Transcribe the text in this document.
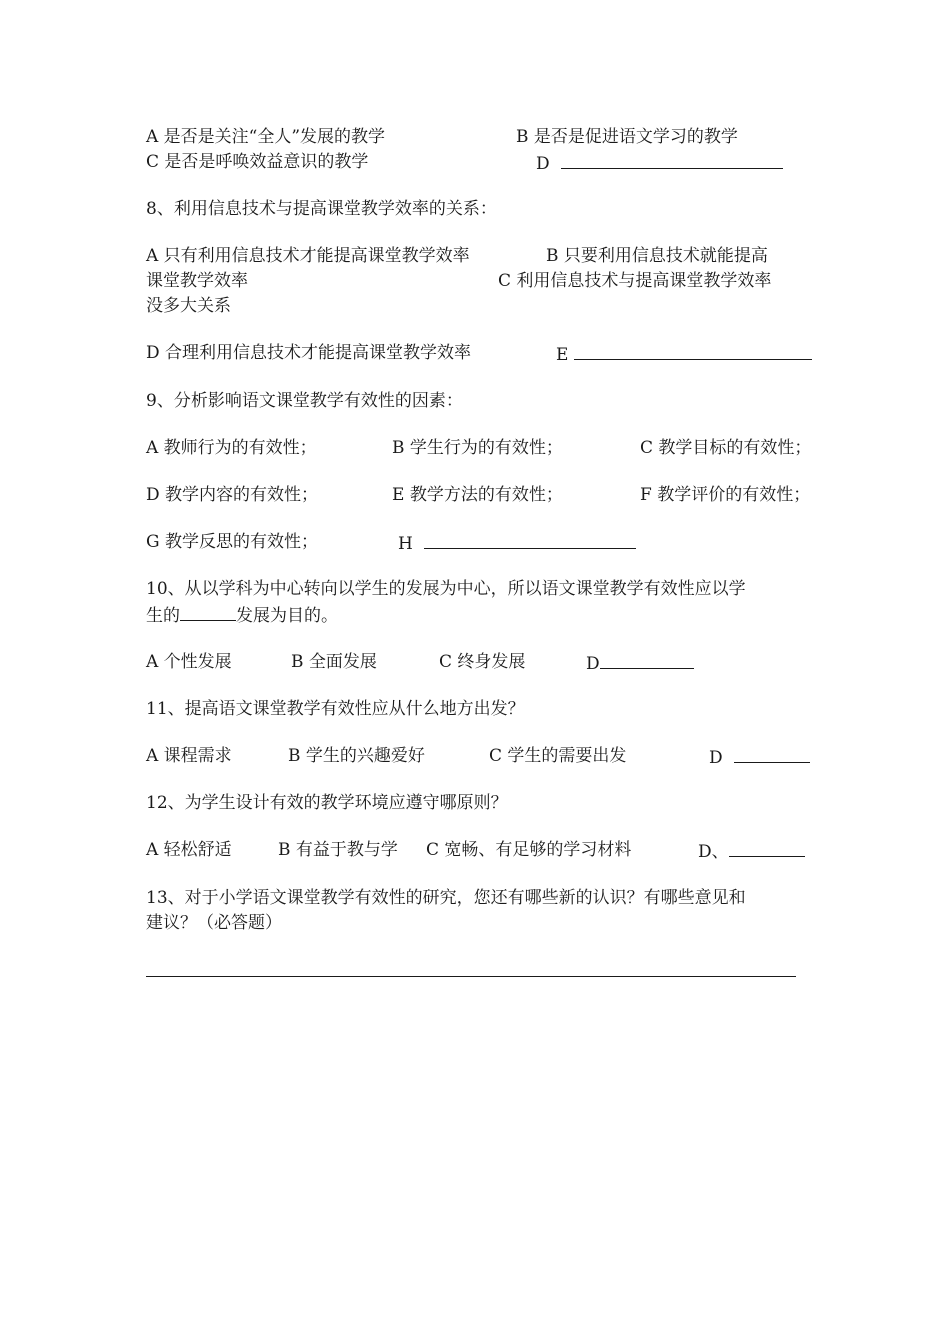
A 是否是关注“全人”发展的教学	B 是否是促进语文学习的教学
C 是否是呼唤效益意识的教学	D
8、利用信息技术与提高课堂教学效率的关系：
A 只有利用信息技术才能提高课堂教学效率	B 只要利用信息技术就能提高
课堂教学效率	C 利用信息技术与提高课堂教学效率
没多大关系
D 合理利用信息技术才能提高课堂教学效率	E
9、分析影响语文课堂教学有效性的因素：
A 教师行为的有效性；	B 学生行为的有效性；	C 教学目标的有效性；
D 教学内容的有效性；	E 教学方法的有效性；	F 教学评价的有效性；
G 教学反思的有效性；	H
10、从以学科为中心转向以学生的发展为中心，所以语文课堂教学有效性应以学
生的	发展为目的。
A 个性发展	B 全面发展	C 终身发展	D
11、提高语文课堂教学有效性应从什么地方出发？
A 课程需求	B 学生的兴趣爱好	C 学生的需要出发	D
12、为学生设计有效的教学环境应遵守哪原则？
A 轻松舒适	B 有益于教与学 C 宽畅、有足够的学习材料	D、
13、对于小学语文课堂教学有效性的研究，您还有哪些新的认识？有哪些意见和
建议？（必答题）
